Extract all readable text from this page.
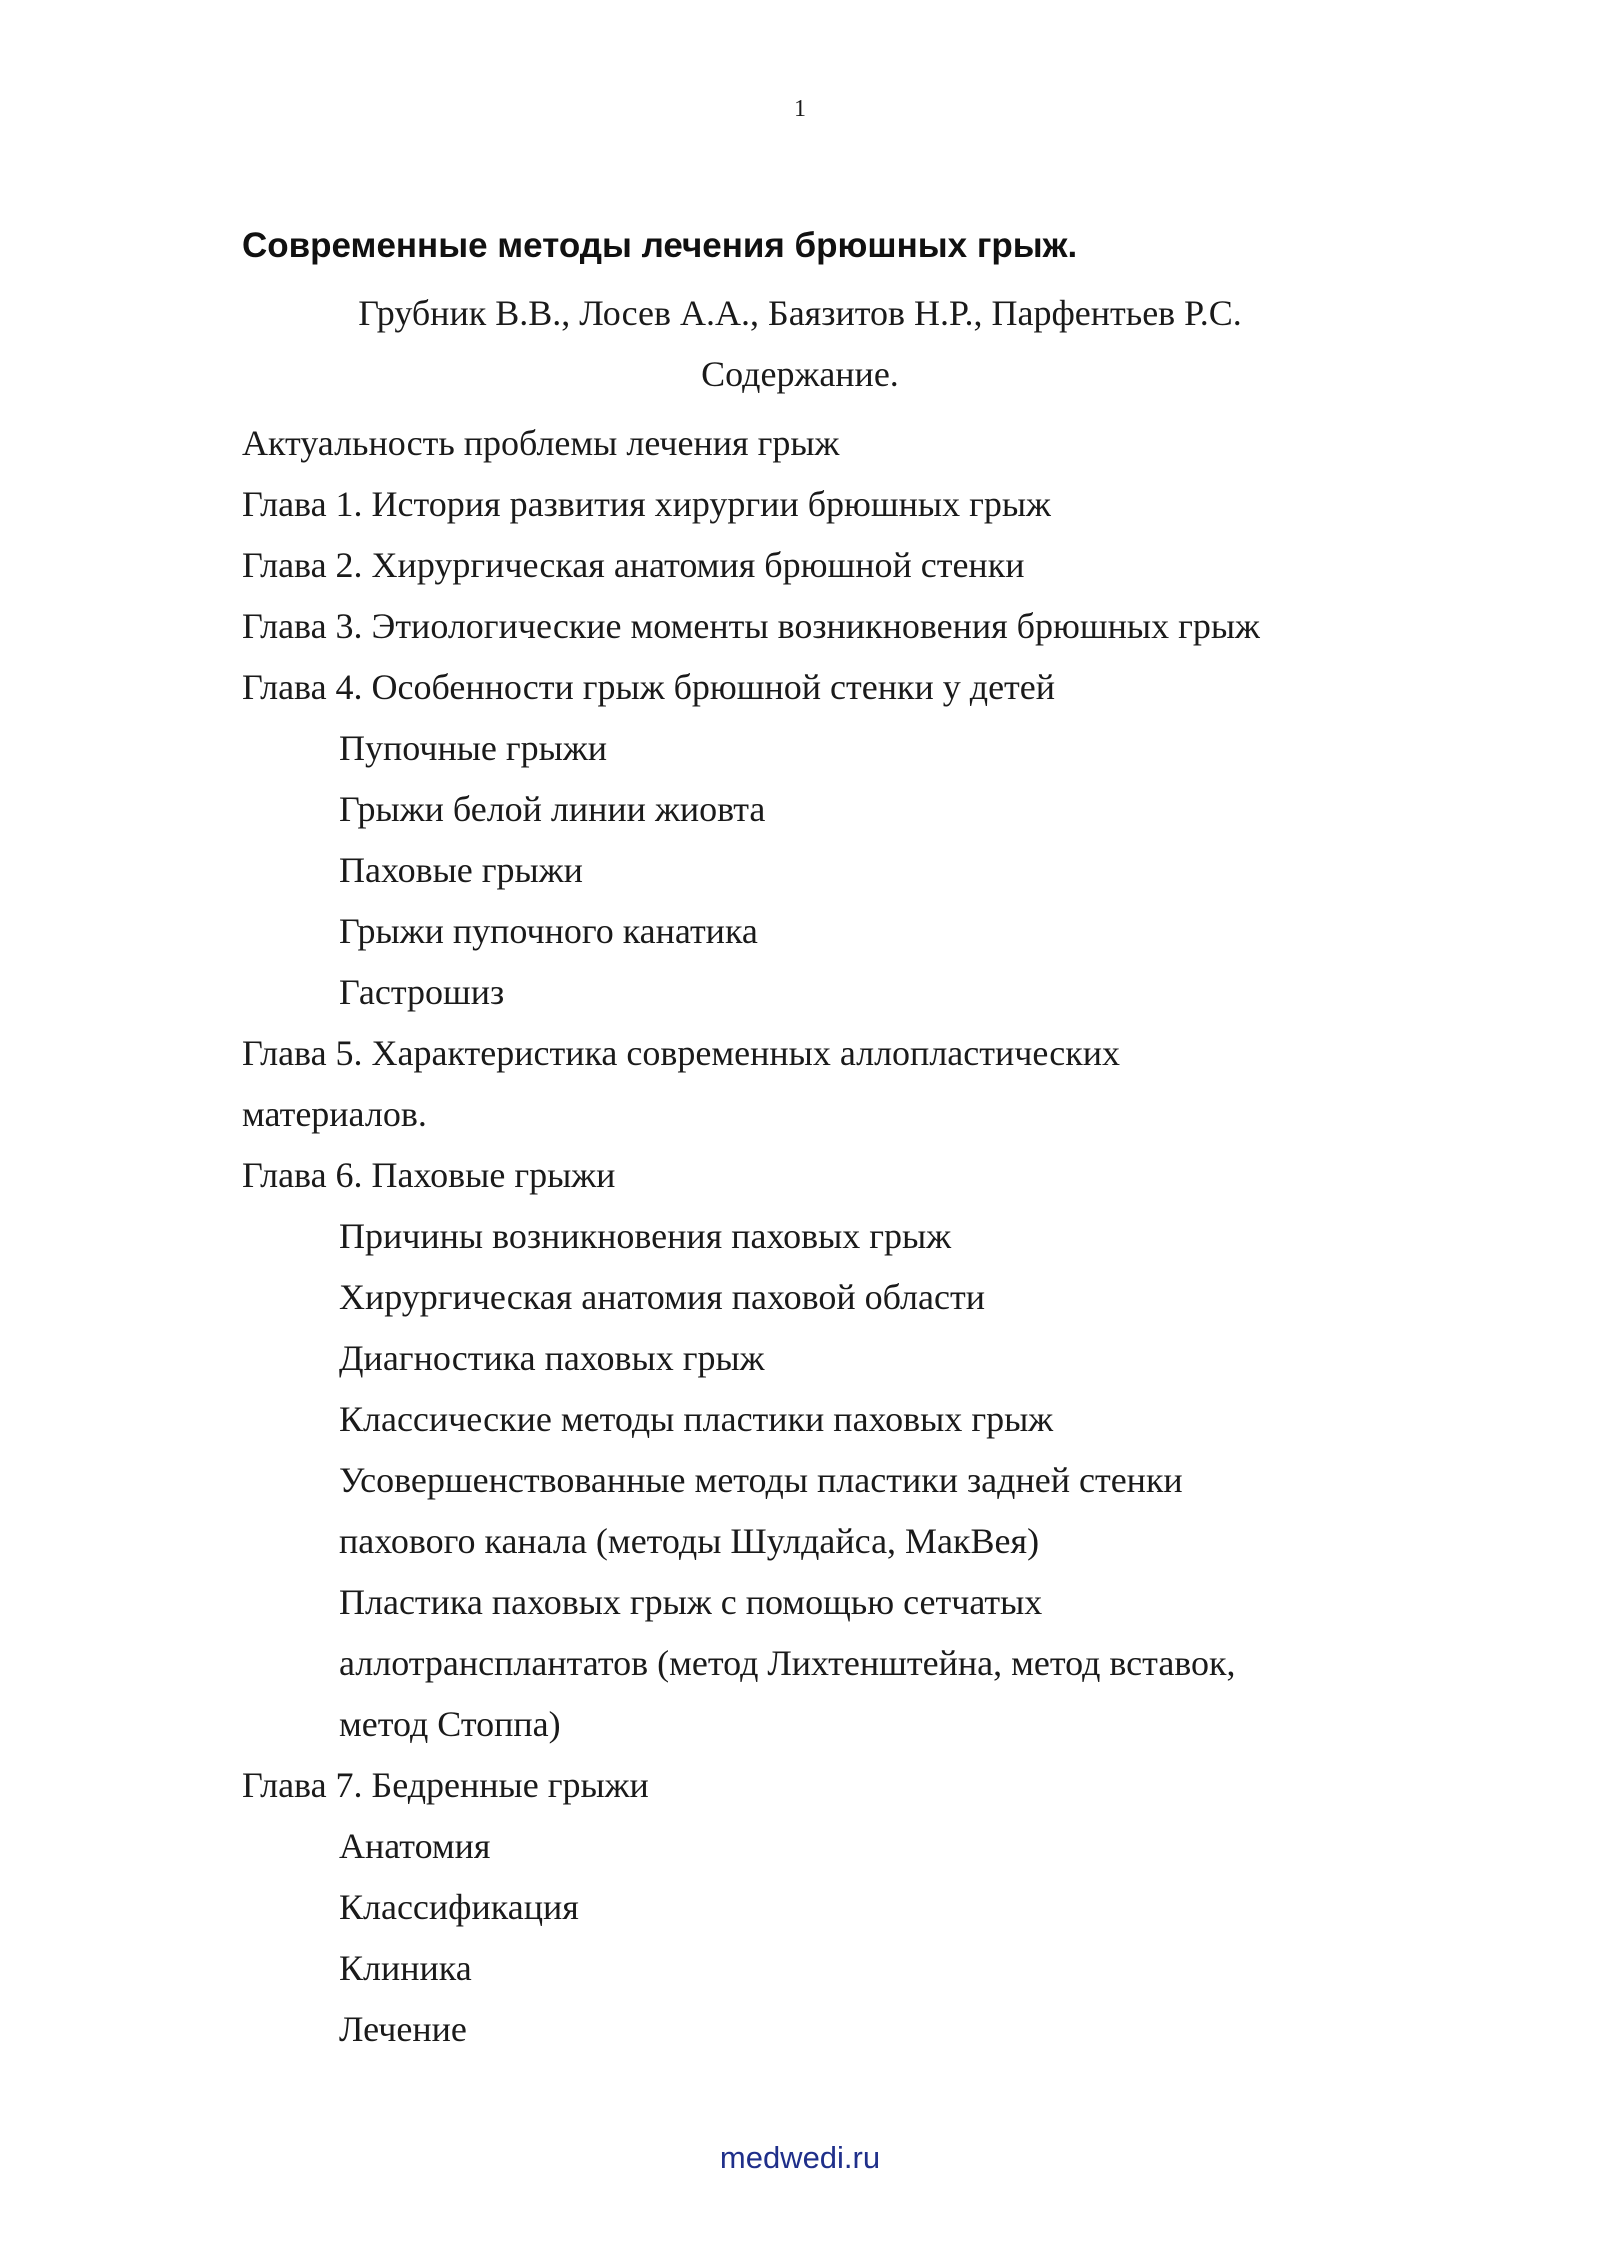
1
Современные методы лечения брюшных грыж.
Грубник В.В., Лосев А.А., Баязитов Н.Р., Парфентьев Р.С.
Содержание.
Актуальность проблемы лечения грыж
Глава 1. История развития хирургии брюшных грыж
Глава 2. Хирургическая анатомия брюшной стенки
Глава 3. Этиологические моменты возникновения брюшных грыж
Глава 4. Особенности грыж брюшной стенки у детей
Пупочные грыжи
Грыжи белой линии жиовта
Паховые грыжи
Грыжи пупочного канатика
Гастрошиз
Глава 5. Характеристика современных аллопластических
материалов.
Глава 6. Паховые грыжи
Причины возникновения паховых грыж
Хирургическая анатомия паховой области
Диагностика паховых грыж
Классические методы пластики паховых грыж
Усовершенствованные методы пластики задней стенки
пахового канала (методы Шулдайса, МакВея)
Пластика паховых грыж с помощью сетчатых
аллотрансплантатов (метод Лихтенштейна, метод вставок,
метод Стоппа)
Глава 7. Бедренные грыжи
Анатомия
Классификация
Клиника
Лечение
medwedi.ru
